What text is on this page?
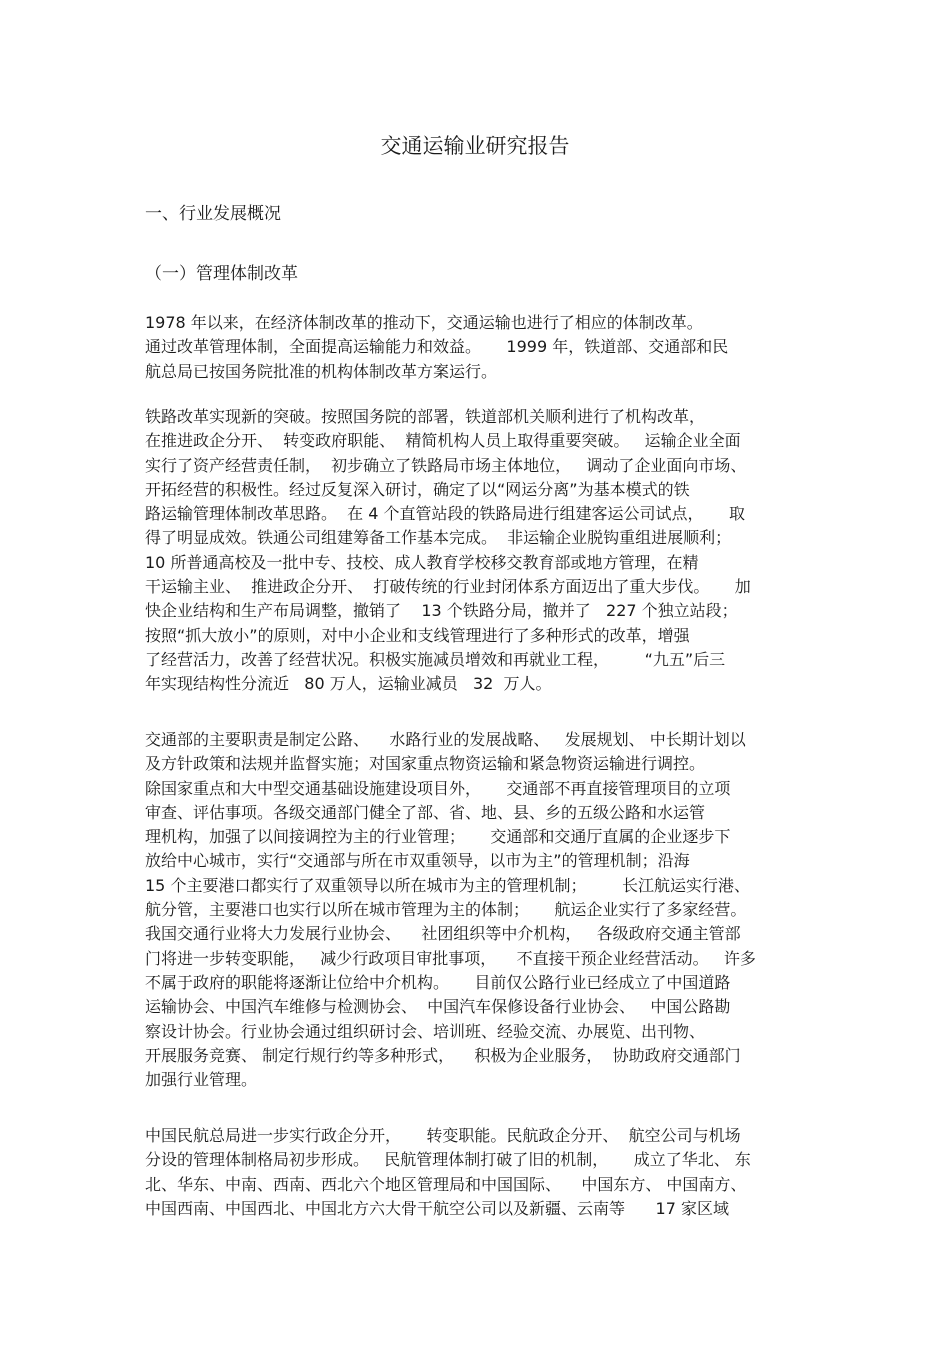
交通运输业研究报告
一、行业发展概况
（一）管理体制改革
1978 年以来，在经济体制改革的推动下，交通运输也进行了相应的体制改革。
通过改革管理体制，全面提高运输能力和效益。     1999 年，铁道部、交通部和民
航总局已按国务院批准的机构体制改革方案运行。
铁路改革实现新的突破。按照国务院的部署，铁道部机关顺利进行了机构改革，
在推进政企分开、  转变政府职能、  精简机构人员上取得重要突破。   运输企业全面
实行了资产经营责任制，  初步确立了铁路局市场主体地位，   调动了企业面向市场、
开拓经营的积极性。经过反复深入研讨，确定了以“网运分离”为基本模式的铁
路运输管理体制改革思路。  在 4 个直管站段的铁路局进行组建客运公司试点，     取
得了明显成效。铁通公司组建筹备工作基本完成。  非运输企业脱钩重组进展顺利；
10 所普通高校及一批中专、技校、成人教育学校移交教育部或地方管理，在精
干运输主业、  推进政企分开、  打破传统的行业封闭体系方面迈出了重大步伐。     加
快企业结构和生产布局调整，撤销了    13 个铁路分局，撤并了   227 个独立站段；
按照“抓大放小”的原则，对中小企业和支线管理进行了多种形式的改革，增强
了经营活力，改善了经营状况。积极实施减员增效和再就业工程，       “九五”后三
年实现结构性分流近   80 万人，运输业减员   32  万人。
交通部的主要职责是制定公路、    水路行业的发展战略、   发展规划、 中长期计划以
及方针政策和法规并监督实施；对国家重点物资运输和紧急物资运输进行调控。
除国家重点和大中型交通基础设施建设项目外，     交通部不再直接管理项目的立项
审查、评估事项。各级交通部门健全了部、省、地、县、乡的五级公路和水运管
理机构，加强了以间接调控为主的行业管理；     交通部和交通厅直属的企业逐步下
放给中心城市，实行“交通部与所在市双重领导，以市为主”的管理机制；沿海
15 个主要港口都实行了双重领导以所在城市为主的管理机制；       长江航运实行港、
航分管，主要港口也实行以所在城市管理为主的体制；     航运企业实行了多家经营。
我国交通行业将大力发展行业协会、    社团组织等中介机构，   各级政府交通主管部
门将进一步转变职能，   减少行政项目审批事项，    不直接干预企业经营活动。   许多
不属于政府的职能将逐渐让位给中介机构。     目前仅公路行业已经成立了中国道路
运输协会、中国汽车维修与检测协会、  中国汽车保修设备行业协会、   中国公路勘
察设计协会。行业协会通过组织研讨会、培训班、经验交流、办展览、出刊物、
开展服务竞赛、 制定行规行约等多种形式，    积极为企业服务，  协助政府交通部门
加强行业管理。
中国民航总局进一步实行政企分开，     转变职能。民航政企分开、  航空公司与机场
分设的管理体制格局初步形成。   民航管理体制打破了旧的机制，     成立了华北、 东
北、华东、中南、西南、西北六个地区管理局和中国国际、    中国东方、 中国南方、
中国西南、中国西北、中国北方六大骨干航空公司以及新疆、云南等      17 家区域
